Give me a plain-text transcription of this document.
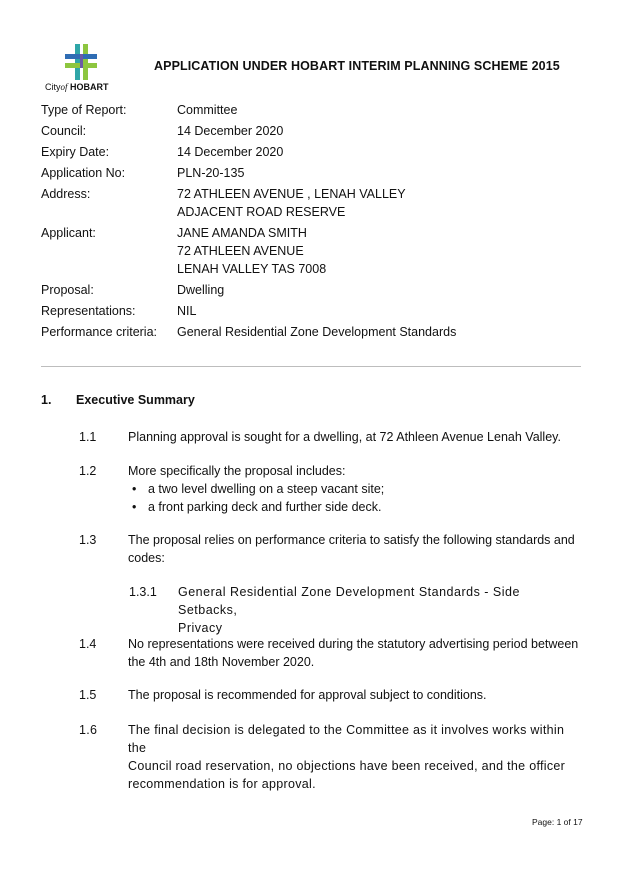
Cityof HOBART
APPLICATION UNDER HOBART INTERIM PLANNING SCHEME 2015
Type of Report:	Committee
Council:	14 December 2020
Expiry Date:	14 December 2020
Application No:	PLN-20-135
Address:	72 ATHLEEN AVENUE , LENAH VALLEY
ADJACENT ROAD RESERVE
Applicant:	JANE AMANDA SMITH
72 ATHLEEN AVENUE
LENAH VALLEY TAS 7008
Proposal:	Dwelling
Representations:	NIL
Performance criteria:	General Residential Zone Development Standards
1. Executive Summary
1.1	Planning approval is sought for a dwelling, at 72 Athleen Avenue Lenah Valley.
1.2	More specifically the proposal includes:
• a two level dwelling on a steep vacant site;
• a front parking deck and further side deck.
1.3	The proposal relies on performance criteria to satisfy the following standards and
codes:
1.3.1 General Residential Zone Development Standards - Side Setbacks,
Privacy
1.4	No representations were received during the statutory advertising period between
the 4th and 18th November 2020.
1.5	The proposal is recommended for approval subject to conditions.
1.6 The final decision is delegated to the Committee as it involves works within the
Council road reservation, no objections have been received, and the officer
recommendation is for approval.
Page: 1 of 17
